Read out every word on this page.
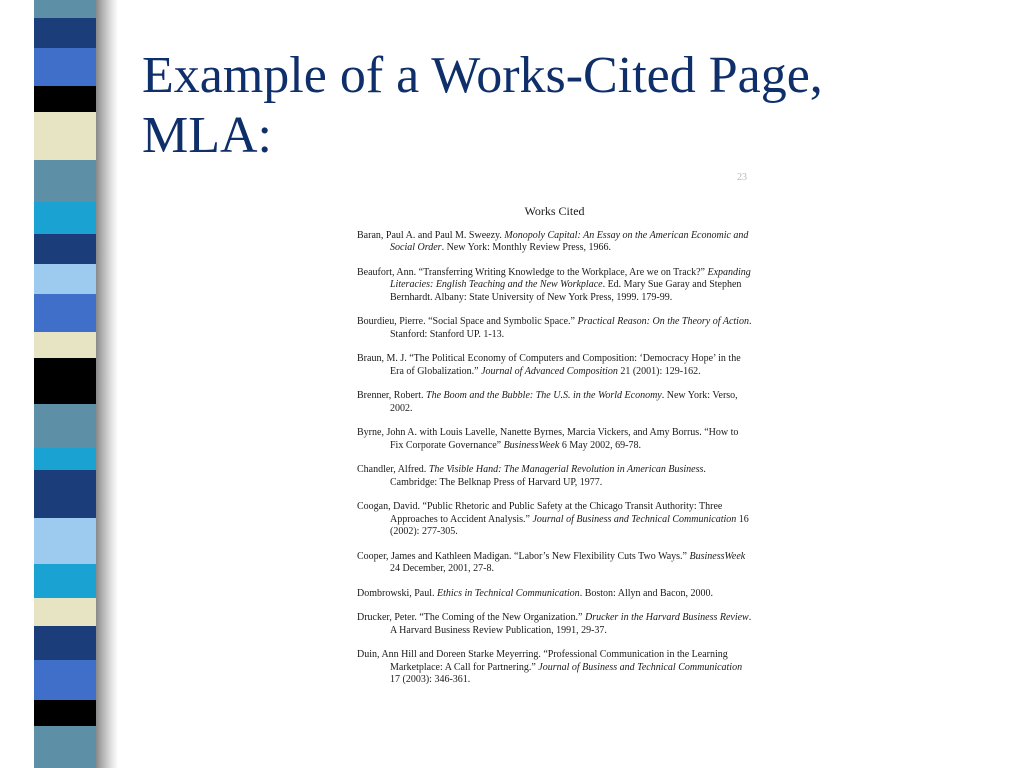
Example of a Works-Cited Page,
MLA:
23
Works Cited
Baran, Paul A. and Paul M. Sweezy. Monopoly Capital: An Essay on the American Economic and Social Order. New York: Monthly Review Press, 1966.
Beaufort, Ann. “Transferring Writing Knowledge to the Workplace, Are we on Track?” Expanding Literacies: English Teaching and the New Workplace. Ed. Mary Sue Garay and Stephen Bernhardt. Albany: State University of New York Press, 1999. 179-99.
Bourdieu, Pierre. “Social Space and Symbolic Space.” Practical Reason: On the Theory of Action. Stanford: Stanford UP. 1-13.
Braun, M. J. “The Political Economy of Computers and Composition: ‘Democracy Hope’ in the Era of Globalization.” Journal of Advanced Composition 21 (2001): 129-162.
Brenner, Robert. The Boom and the Bubble: The U.S. in the World Economy. New York: Verso, 2002.
Byrne, John A. with Louis Lavelle, Nanette Byrnes, Marcia Vickers, and Amy Borrus. “How to Fix Corporate Governance” BusinessWeek 6 May 2002, 69-78.
Chandler, Alfred. The Visible Hand: The Managerial Revolution in American Business. Cambridge: The Belknap Press of Harvard UP, 1977.
Coogan, David. “Public Rhetoric and Public Safety at the Chicago Transit Authority: Three Approaches to Accident Analysis.” Journal of Business and Technical Communication 16 (2002): 277-305.
Cooper, James and Kathleen Madigan. “Labor’s New Flexibility Cuts Two Ways.” BusinessWeek 24 December, 2001, 27-8.
Dombrowski, Paul. Ethics in Technical Communication. Boston: Allyn and Bacon, 2000.
Drucker, Peter. “The Coming of the New Organization.” Drucker in the Harvard Business Review. A Harvard Business Review Publication, 1991, 29-37.
Duin, Ann Hill and Doreen Starke Meyerring. “Professional Communication in the Learning Marketplace: A Call for Partnering.” Journal of Business and Technical Communication 17 (2003): 346-361.
